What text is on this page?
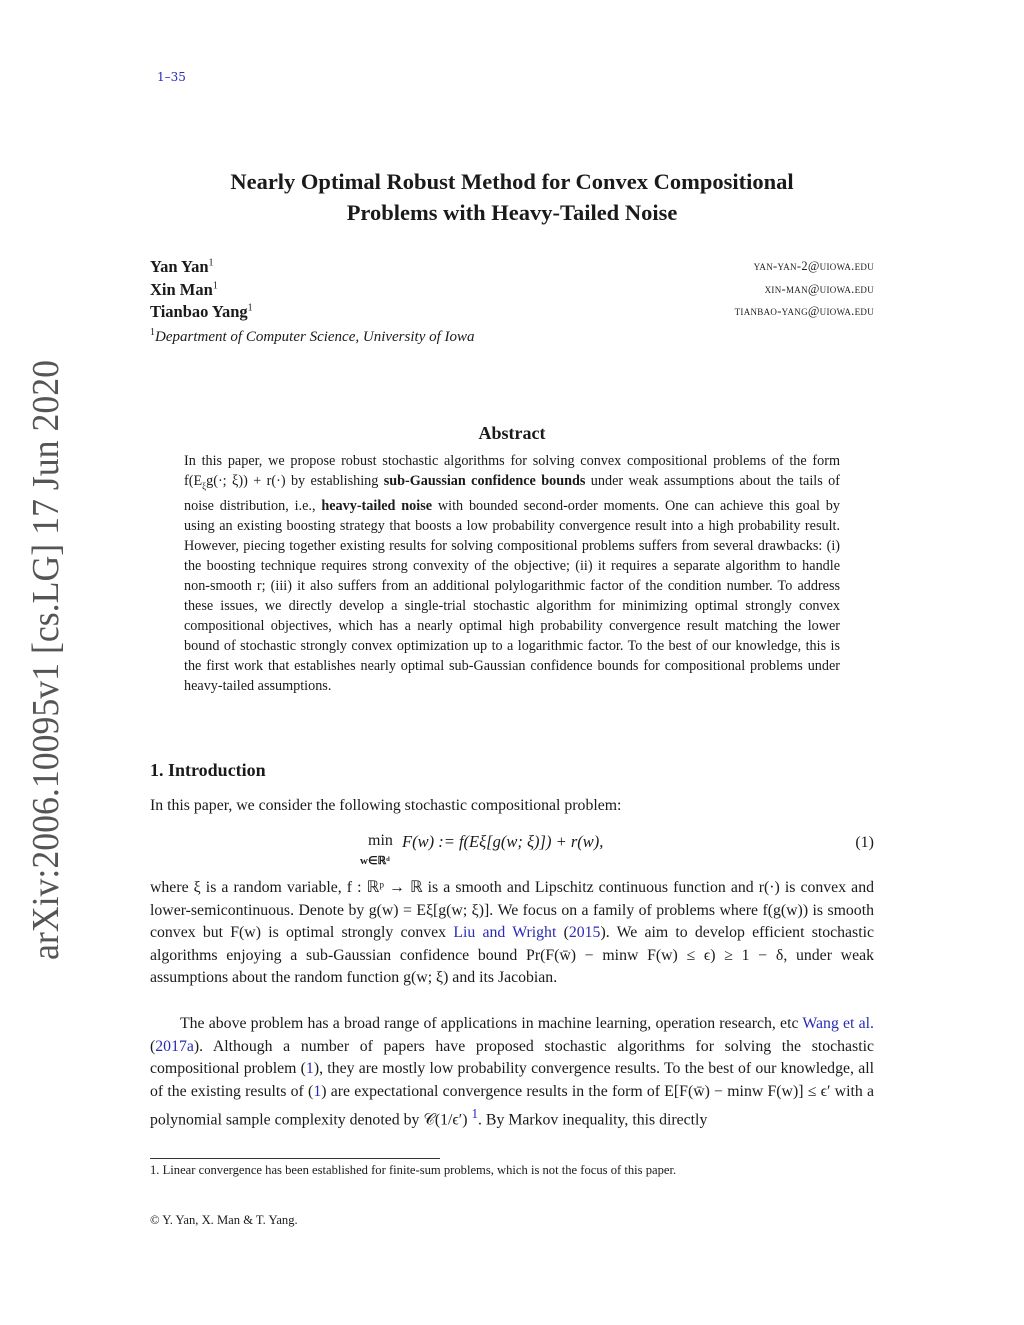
1–35
arXiv:2006.10095v1 [cs.LG] 17 Jun 2020
Nearly Optimal Robust Method for Convex Compositional
Problems with Heavy-Tailed Noise
Yan Yan$^1$	yan-yan-2@uiowa.edu
Xin Man$^1$	xin-man@uiowa.edu
Tianbao Yang$^1$	tianbao-yang@uiowa.edu
$^1$Department of Computer Science, University of Iowa
Abstract
In this paper, we propose robust stochastic algorithms for solving convex compositional problems of the form $f(E_\xi g(\cdot$; ξ)) + r(·) by establishing sub-Gaussian confidence bounds under weak assumptions about the tails of noise distribution, i.e., heavy-tailed noise with bounded second-order moments. One can achieve this goal by using an existing boosting strategy that boosts a low probability convergence result into a high probability result. However, piecing together existing results for solving compositional problems suffers from several drawbacks: (i) the boosting technique requires strong convexity of the objective; (ii) it requires a separate algorithm to handle non-smooth r; (iii) it also suffers from an additional polylogarithmic factor of the condition number. To address these issues, we directly develop a single-trial stochastic algorithm for minimizing optimal strongly convex compositional objectives, which has a nearly optimal high probability convergence result matching the lower bound of stochastic strongly convex optimization up to a logarithmic factor. To the best of our knowledge, this is the first work that establishes nearly optimal sub-Gaussian confidence bounds for compositional problems under heavy-tailed assumptions.
1. Introduction
In this paper, we consider the following stochastic compositional problem:
min
w∈ℝᵈ
F(w) := f(Eξ[g(w; ξ)]) + r(w),	(1)
where ξ is a random variable, f : ℝᵖ → ℝ is a smooth and Lipschitz continuous function and r(·) is convex and lower-semicontinuous. Denote by g(w) = Eξ[g(w; ξ)]. We focus on a family of problems where f(g(w)) is smooth convex but F(w) is optimal strongly convex Liu and Wright (2015). We aim to develop efficient stochastic algorithms enjoying a sub-Gaussian confidence bound Pr(F(w̄) − minw F(w) ≤ ϵ) ≥ 1 − δ, under weak assumptions about the random function g(w; ξ) and its Jacobian.
The above problem has a broad range of applications in machine learning, operation research, etc Wang et al. (2017a). Although a number of papers have proposed stochastic algorithms for solving the stochastic compositional problem (1), they are mostly low probability convergence results. To the best of our knowledge, all of the existing results of (1) are expectational convergence results in the form of E[F(w̄) − minw F(w)] ≤ ϵ′ with a polynomial sample complexity denoted by 𝒞(1/ϵ′) $^1$. By Markov inequality, this directly
1. Linear convergence has been established for finite-sum problems, which is not the focus of this paper.
© Y. Yan, X. Man & T. Yang.
